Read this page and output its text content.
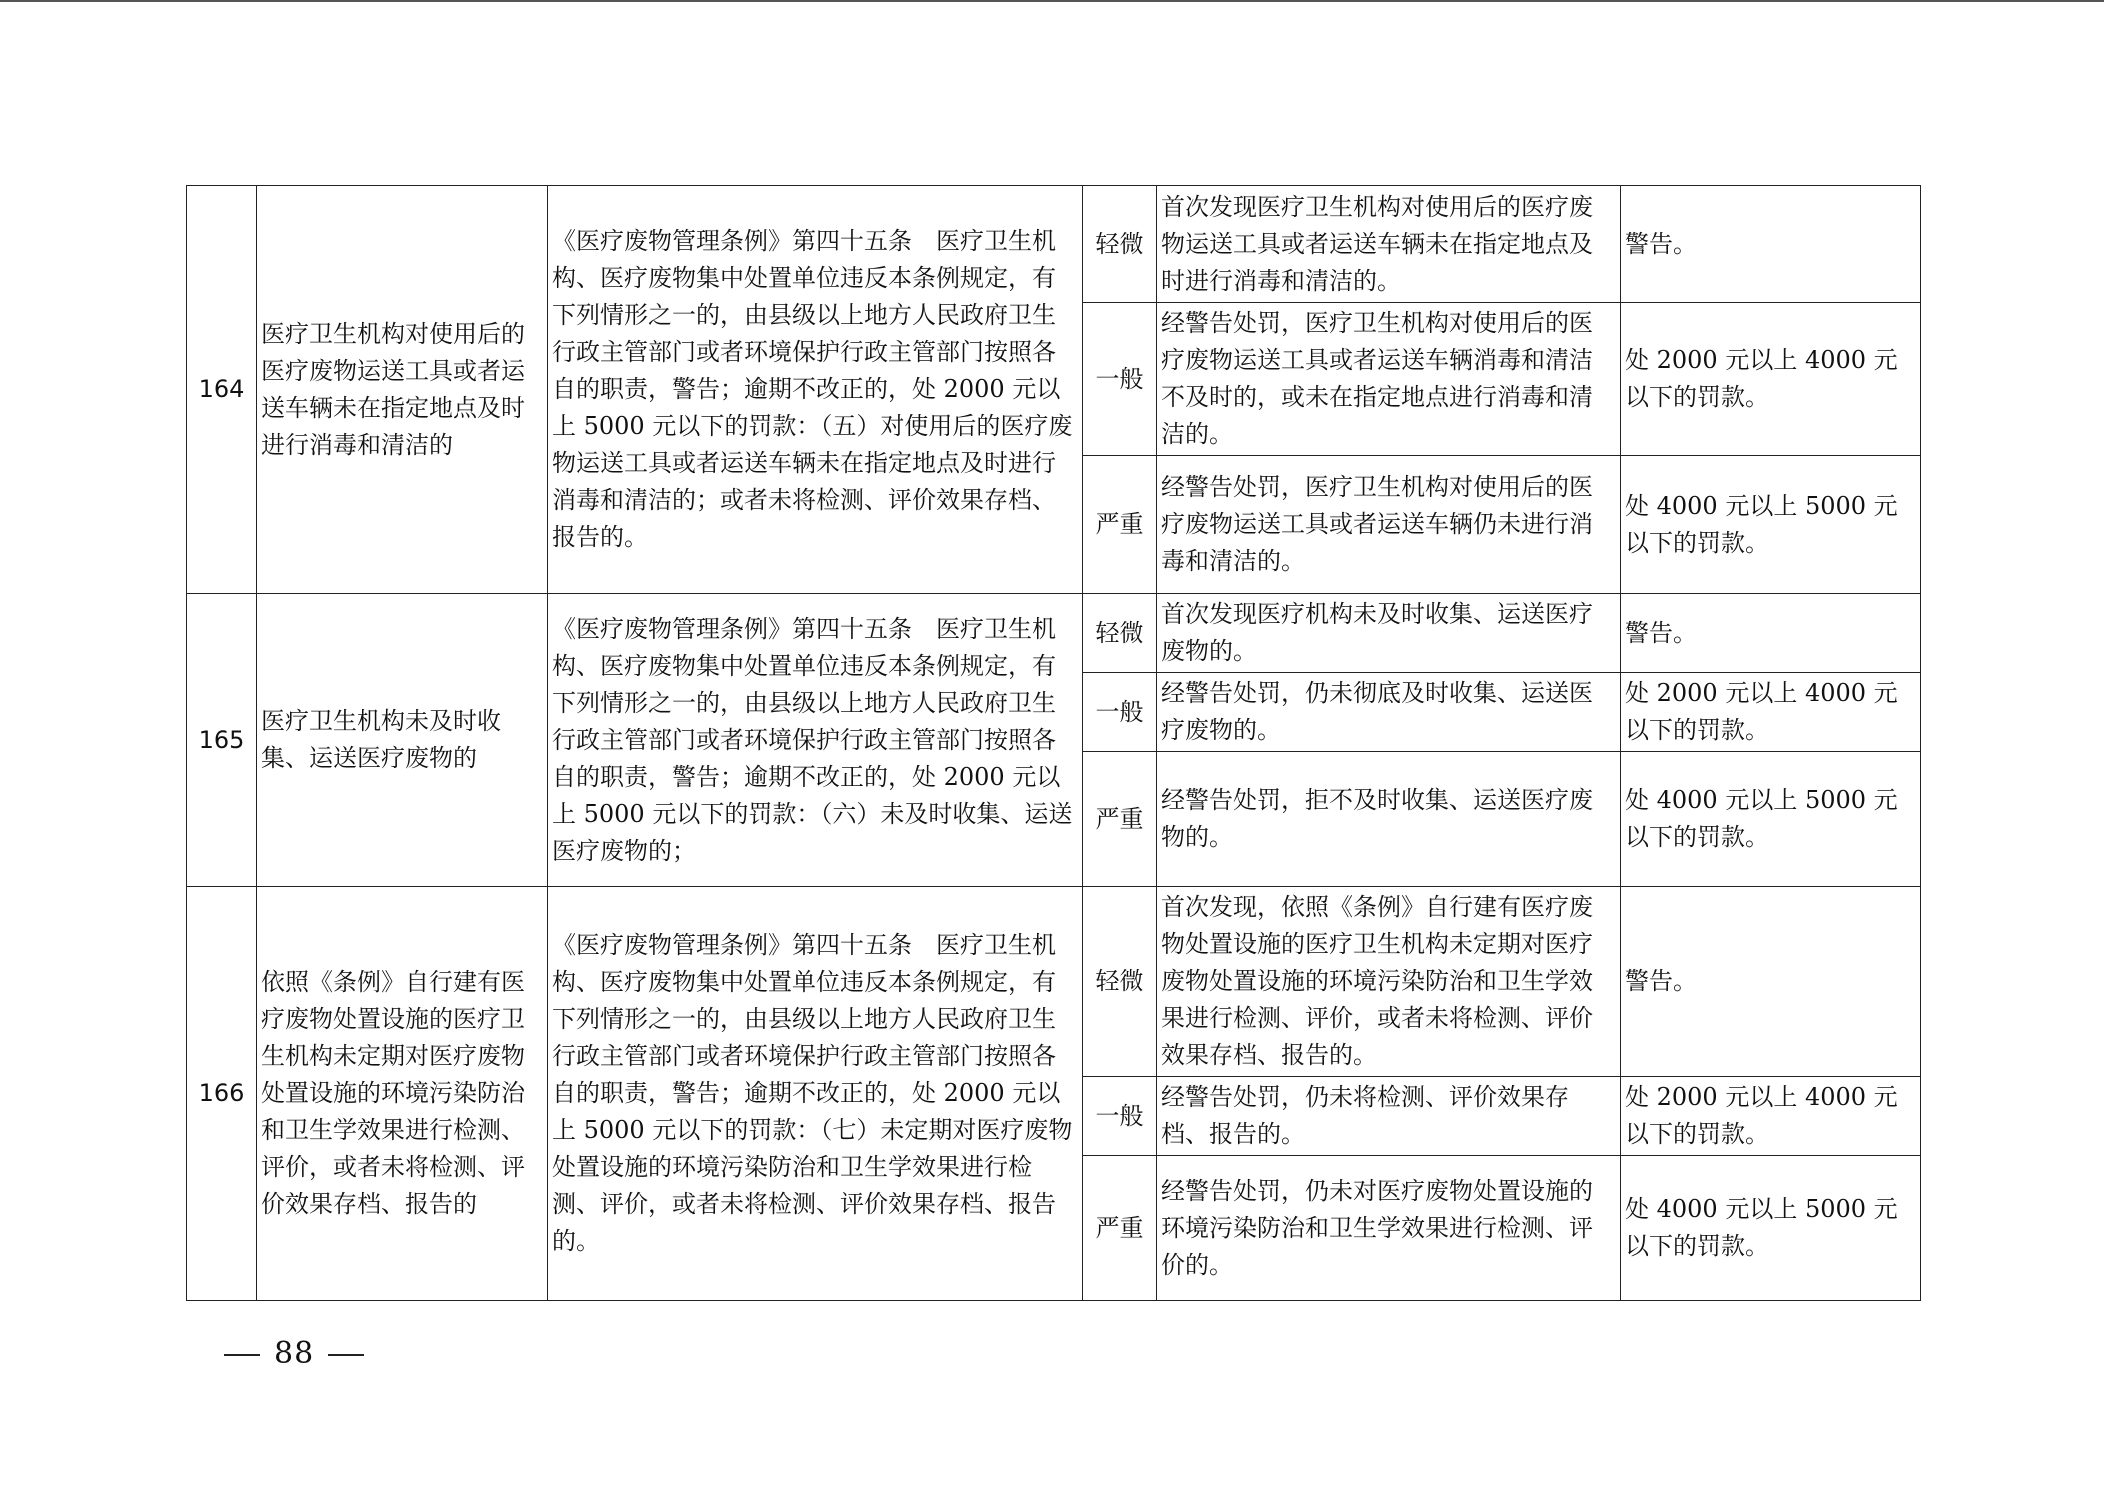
164	医疗卫生机构对使用后的医疗废物运送工具或者运送车辆未在指定地点及时进行消毒和清洁的	《医疗废物管理条例》第四十五条　医疗卫生机构、医疗废物集中处置单位违反本条例规定，有下列情形之一的，由县级以上地方人民政府卫生行政主管部门或者环境保护行政主管部门按照各自的职责，警告；逾期不改正的，处 2000 元以上 5000 元以下的罚款：（五）对使用后的医疗废物运送工具或者运送车辆未在指定地点及时进行消毒和清洁的；或者未将检测、评价效果存档、报告的。	轻微	首次发现医疗卫生机构对使用后的医疗废物运送工具或者运送车辆未在指定地点及时进行消毒和清洁的。	警告。
			一般	经警告处罚，医疗卫生机构对使用后的医疗废物运送工具或者运送车辆消毒和清洁不及时的，或未在指定地点进行消毒和清洁的。	处 2000 元以上 4000 元以下的罚款。
			严重	经警告处罚，医疗卫生机构对使用后的医疗废物运送工具或者运送车辆仍未进行消毒和清洁的。	处 4000 元以上 5000 元以下的罚款。
165	医疗卫生机构未及时收集、运送医疗废物的	《医疗废物管理条例》第四十五条　医疗卫生机构、医疗废物集中处置单位违反本条例规定，有下列情形之一的，由县级以上地方人民政府卫生行政主管部门或者环境保护行政主管部门按照各自的职责，警告；逾期不改正的，处 2000 元以上 5000 元以下的罚款：（六）未及时收集、运送医疗废物的；	轻微	首次发现医疗机构未及时收集、运送医疗废物的。	警告。
			一般	经警告处罚，仍未彻底及时收集、运送医疗废物的。	处 2000 元以上 4000 元以下的罚款。
			严重	经警告处罚，拒不及时收集、运送医疗废物的。	处 4000 元以上 5000 元以下的罚款。
166	依照《条例》自行建有医疗废物处置设施的医疗卫生机构未定期对医疗废物处置设施的环境污染防治和卫生学效果进行检测、评价，或者未将检测、评价效果存档、报告的	《医疗废物管理条例》第四十五条　医疗卫生机构、医疗废物集中处置单位违反本条例规定，有下列情形之一的，由县级以上地方人民政府卫生行政主管部门或者环境保护行政主管部门按照各自的职责，警告；逾期不改正的，处 2000 元以上 5000 元以下的罚款：（七）未定期对医疗废物处置设施的环境污染防治和卫生学效果进行检测、评价，或者未将检测、评价效果存档、报告的。	轻微	首次发现，依照《条例》自行建有医疗废物处置设施的医疗卫生机构未定期对医疗废物处置设施的环境污染防治和卫生学效果进行检测、评价，或者未将检测、评价效果存档、报告的。	警告。
			一般	经警告处罚，仍未将检测、评价效果存档、报告的。	处 2000 元以上 4000 元以下的罚款。
			严重	经警告处罚，仍未对医疗废物处置设施的环境污染防治和卫生学效果进行检测、评价的。	处 4000 元以上 5000 元以下的罚款。
88
